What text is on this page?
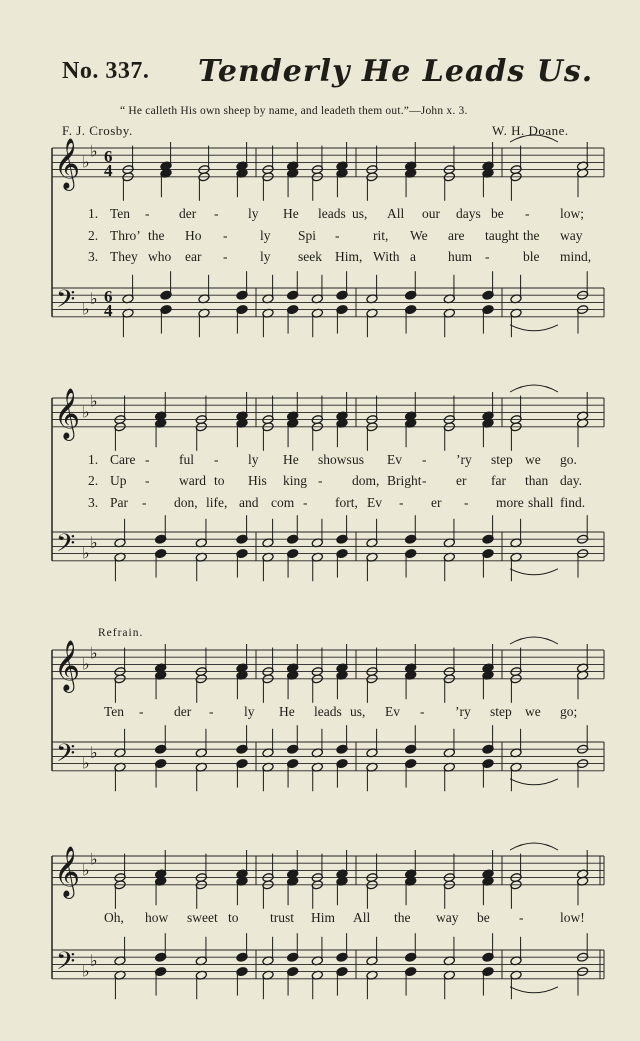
No. 337. Tenderly He Leads Us.
“ He calleth His own sheep by name, and leadeth them out.”—John x. 3.
F. J. Crosby.	W. H. Doane.
Refrain.
𝄞
𝄢
♭
♭
♭
♭
6
4
6
4
𝄞
𝄢
♭
♭
♭
♭
𝄞
𝄢
♭
♭
♭
♭
𝄞
𝄢
♭
♭
♭
♭
1. Ten - der - ly He leads us, All our days be - low;
2. Thro’ the Ho - ly Spi - rit, We are taught the way
3. They who ear - ly seek Him, With a hum - ble mind,
1. Care - ful - ly He shows us Ev - ’ry step we go.
2. Up - ward to His king - dom, Bright - er far than day.
3. Par - don, life, and com - fort, Ev - er - more shall find.
Ten - der - ly He leads us, Ev - ’ry step we go;
Oh, how sweet to trust Him All the way be -	low!
